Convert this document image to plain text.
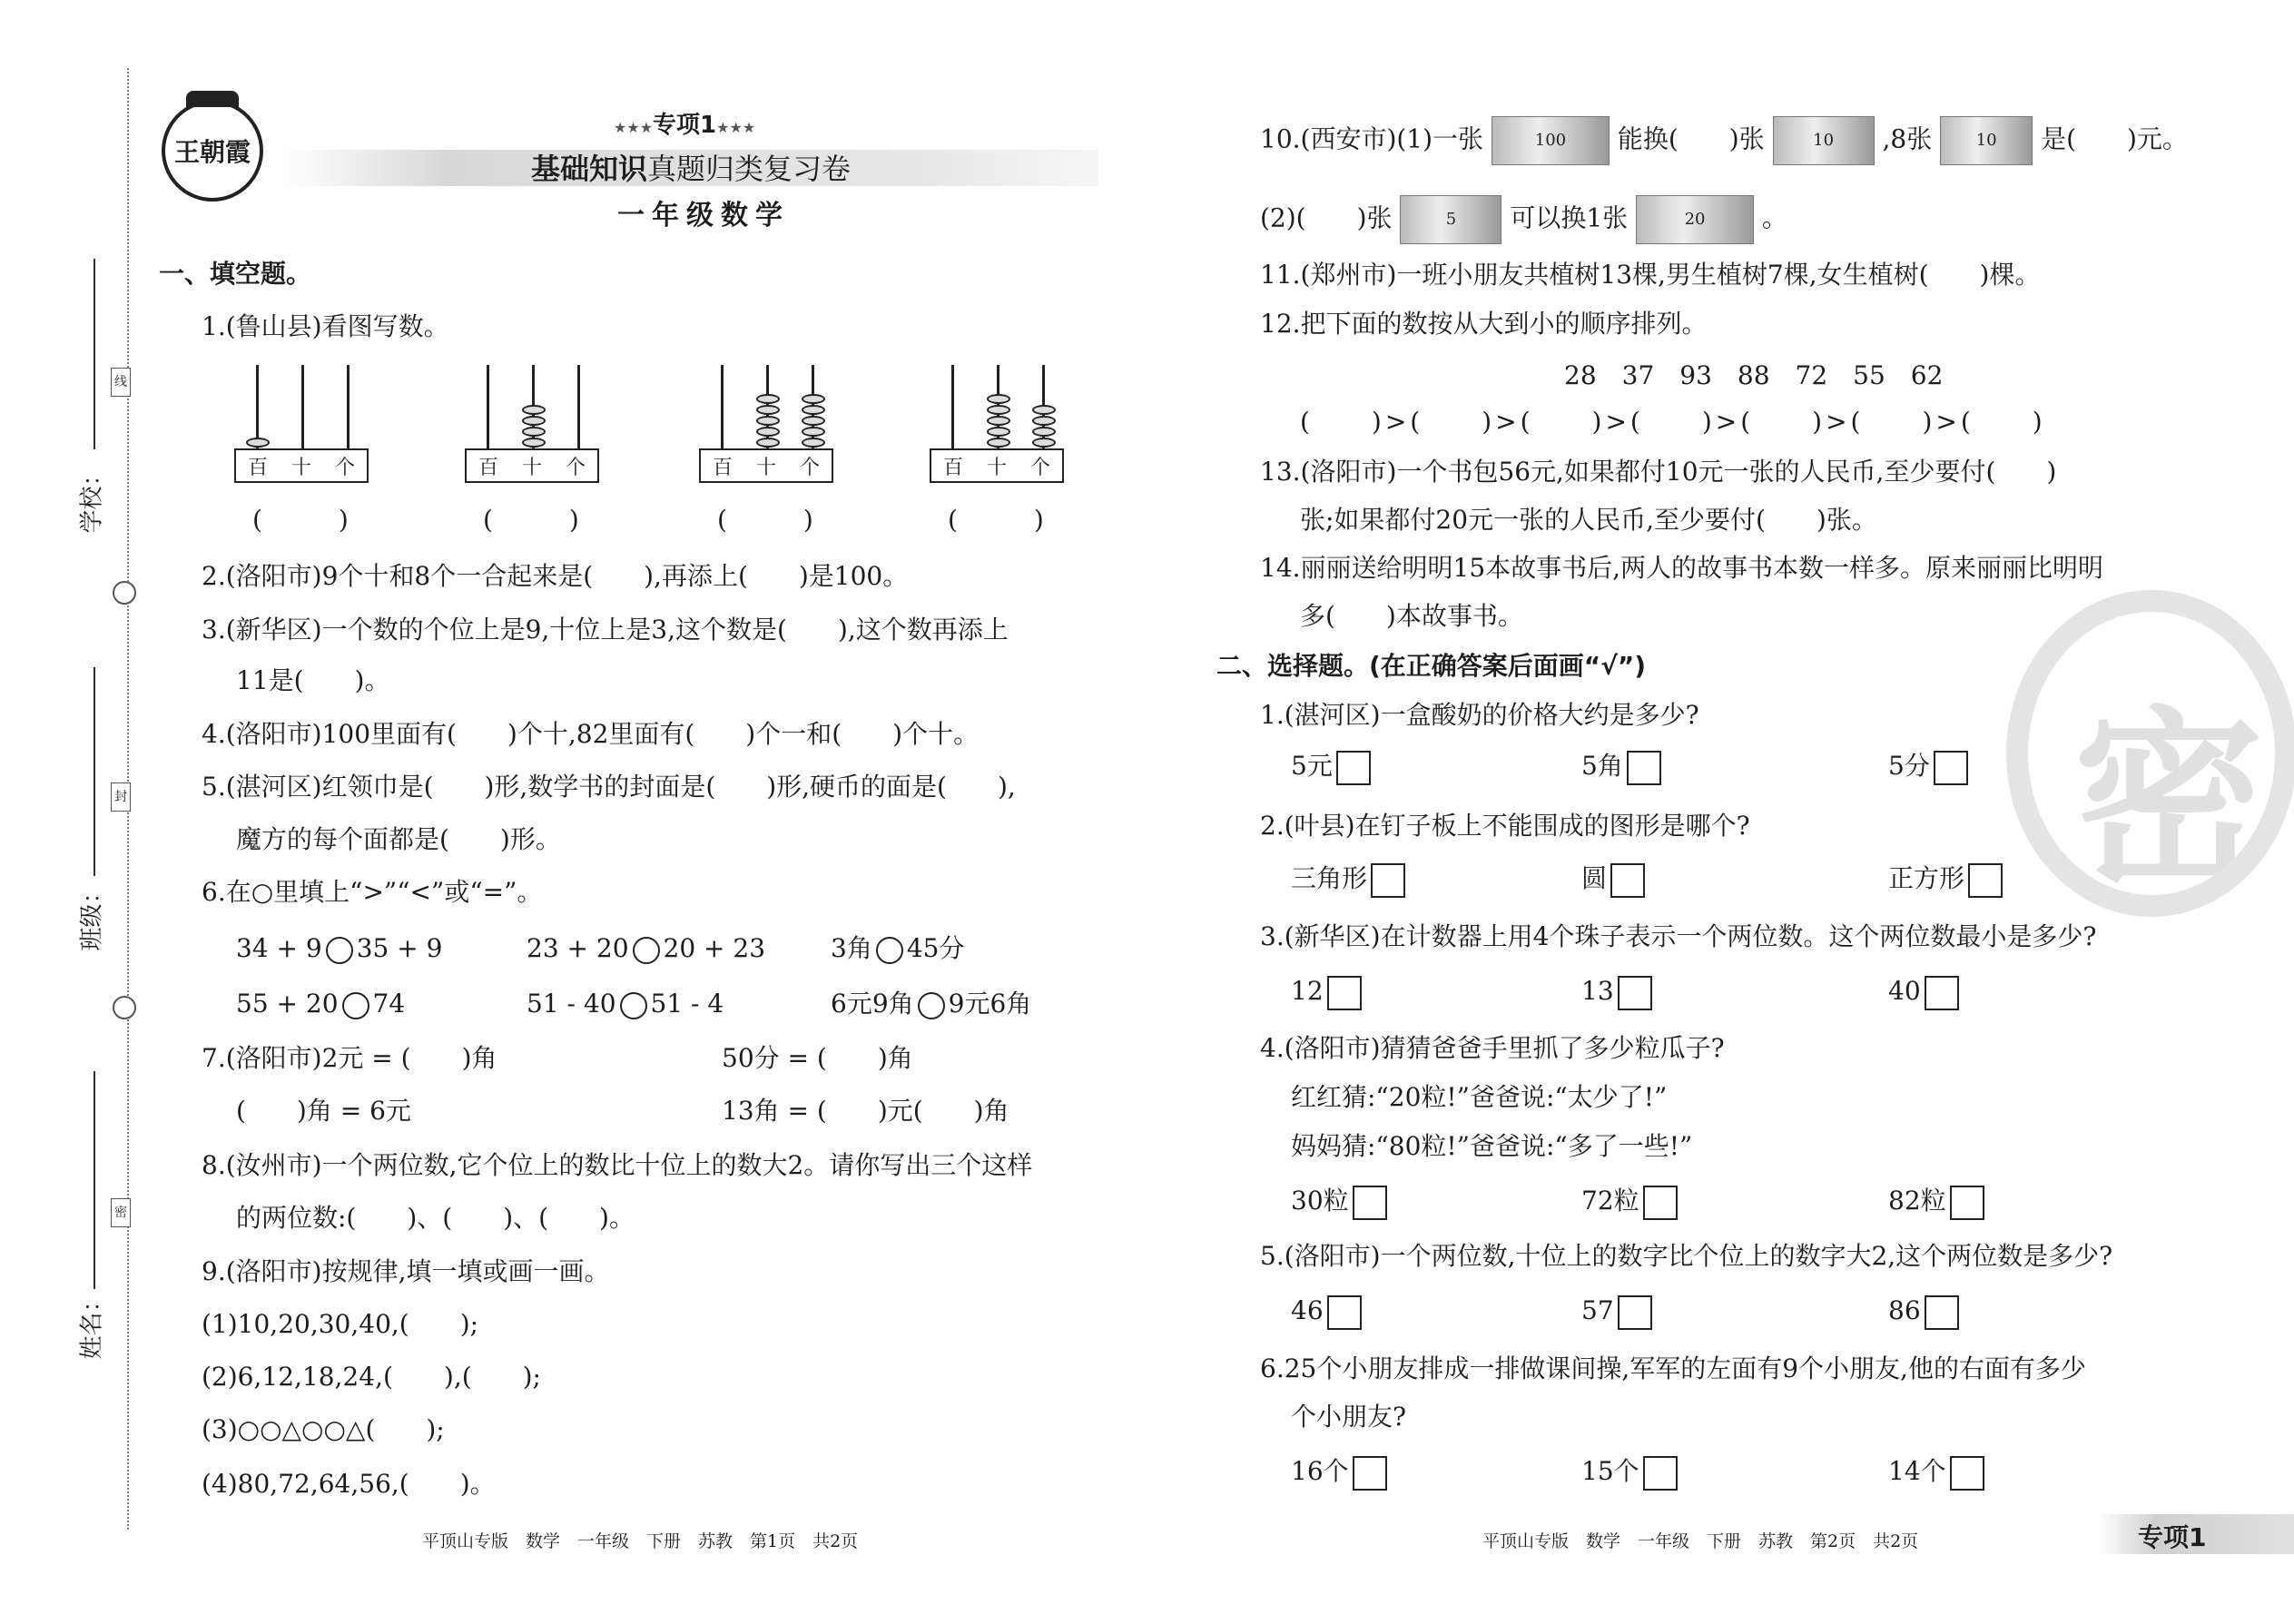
学校：
班级：
姓名：
线
封
密
王朝霞
★★★专项1★★★
基础知识真题归类复习卷
一年级数学
一、填空题。
1.(鲁山县)看图写数。
百 十 个
(　　　)
百 十 个
(　　　)
百 十 个
(　　　)
百 十 个
(　　　)
2.(洛阳市)9个十和8个一合起来是(　　),再添上(　　)是100。
3.(新华区)一个数的个位上是9,十位上是3,这个数是(　　),这个数再添上
11是(　　)。
4.(洛阳市)100里面有(　　)个十,82里面有(　　)个一和(　　)个十。
5.(湛河区)红领巾是(　　)形,数学书的封面是(　　)形,硬币的面是(　　),
魔方的每个面都是(　　)形。
6.在○里填上“>”“<”或“=”。
34 + 9 35 + 9	23 + 20 20 + 23	3角 45分
55 + 20 74	51 - 40 51 - 4	6元9角 9元6角
7.(洛阳市)2元 = (　　)角	50分 = (　　)角
(　　)角 = 6元	13角 = (　　)元(　　)角
8.(汝州市)一个两位数,它个位上的数比十位上的数大2。请你写出三个这样
的两位数:(　　)、(　　)、(　　)。
9.(洛阳市)按规律,填一填或画一画。
(1)10,20,30,40,(　　);
(2)6,12,18,24,(　　),(　　);
(3)○○△○○△(　　);
(4)80,72,64,56,(　　)。
平顶山专版　数学　一年级　下册　苏教　第1页　共2页
10.(西安市)(1)一张	100 能换(　　)张	10 ,8张	10 是(　　)元。
(2)(　　)张	5 可以换1张	20 。
11.(郑州市)一班小朋友共植树13棵,男生植树7棵,女生植树(　　)棵。
12.把下面的数按从大到小的顺序排列。
28　37　93　88　72　55　62
(　　)>(　　)>(　　)>(　　)>(　　)>(　　)>(　　)
13.(洛阳市)一个书包56元,如果都付10元一张的人民币,至少要付(　　)
张;如果都付20元一张的人民币,至少要付(　　)张。
14.丽丽送给明明15本故事书后,两人的故事书本数一样多。原来丽丽比明明
多(　　)本故事书。
二、选择题。(在正确答案后面画“√”)
1.(湛河区)一盒酸奶的价格大约是多少?
5元	5角	5分
2.(叶县)在钉子板上不能围成的图形是哪个?
三角形	圆	正方形
3.(新华区)在计数器上用4个珠子表示一个两位数。这个两位数最小是多少?
12	13	40
4.(洛阳市)猜猜爸爸手里抓了多少粒瓜子?
红红猜:“20粒!”爸爸说:“太少了!”
妈妈猜:“80粒!”爸爸说:“多了一些!”
30粒	72粒	82粒
5.(洛阳市)一个两位数,十位上的数字比个位上的数字大2,这个两位数是多少?
46	57	86
6.25个小朋友排成一排做课间操,军军的左面有9个小朋友,他的右面有多少
个小朋友?
16个	15个	14个
平顶山专版　数学　一年级　下册　苏教　第2页　共2页	专项1
密
